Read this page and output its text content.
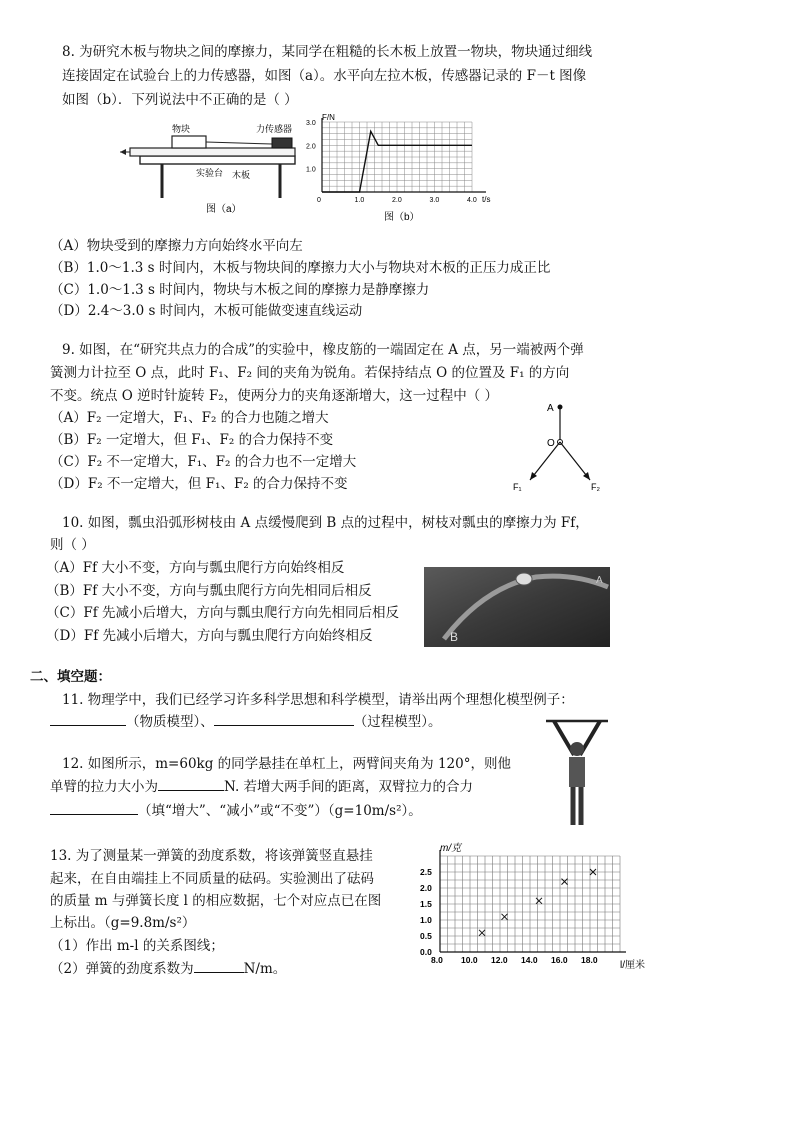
8. 为研究木板与物块之间的摩擦力，某同学在粗糙的长木板上放置一物块，物块通过细线
连接固定在试验台上的力传感器，如图（a）。水平向左拉木板，传感器记录的 F－t 图像
如图（b）．下列说法中不正确的是（ ）
物块	力传感器
实验台 木板
图（a）
0	1.0	2.0	3.0	4.0
3.0
2.0
1.0
F/N
t/s
图（b）
（A）物块受到的摩擦力方向始终水平向左
（B）1.0～1.3 s 时间内，木板与物块间的摩擦力大小与物块对木板的正压力成正比
（C）1.0～1.3 s 时间内，物块与木板之间的摩擦力是静摩擦力
（D）2.4～3.0 s 时间内，木板可能做变速直线运动
9. 如图，在“研究共点力的合成”的实验中，橡皮筋的一端固定在 A 点，另一端被两个弹
簧测力计拉至 O 点，此时 F₁、F₂ 间的夹角为锐角。若保持结点 O 的位置及 F₁ 的方向
不变。统点 O 逆时针旋转 F₂，使两分力的夹角逐渐增大，这一过程中（ ）
（A）F₂ 一定增大，F₁、F₂ 的合力也随之增大
（B）F₂ 一定增大，但 F₁、F₂ 的合力保持不变
（C）F₂ 不一定增大，F₁、F₂ 的合力也不一定增大
（D）F₂ 不一定增大，但 F₁、F₂ 的合力保持不变
A
O
F₁	F₂
10. 如图，瓢虫沿弧形树枝由 A 点缓慢爬到 B 点的过程中，树枝对瓢虫的摩擦力为 Ff，
则（ ）
（A）Ff 大小不变，方向与瓢虫爬行方向始终相反
（B）Ff 大小不变，方向与瓢虫爬行方向先相同后相反
（C）Ff 先减小后增大，方向与瓢虫爬行方向先相同后相反
（D）Ff 先减小后增大，方向与瓢虫爬行方向始终相反
A
B
二、填空题：
11. 物理学中，我们已经学习许多科学思想和科学模型，请举出两个理想化模型例子：
（物质模型）、	（过程模型）。
12. 如图所示，m=60kg 的同学悬挂在单杠上，两臂间夹角为 120°，则他
单臂的拉力大小为	N. 若增大两手间的距离，双臂拉力的合力
（填“增大”、“减小”或“不变”）（g=10m/s²）。
13. 为了测量某一弹簧的劲度系数，将该弹簧竖直悬挂
起来，在自由端挂上不同质量的砝码。实验测出了砝码
的质量 m 与弹簧长度 l 的相应数据，七个对应点已在图
上标出。（g=9.8m/s²）
（1）作出 m-l 的关系图线；
（2）弹簧的劲度系数为	N/m。
8.0 10.0 12.0 14.0 16.0 18.0
0.0
0.5
1.0
1.5
2.0
2.5
m/克
l/厘米
